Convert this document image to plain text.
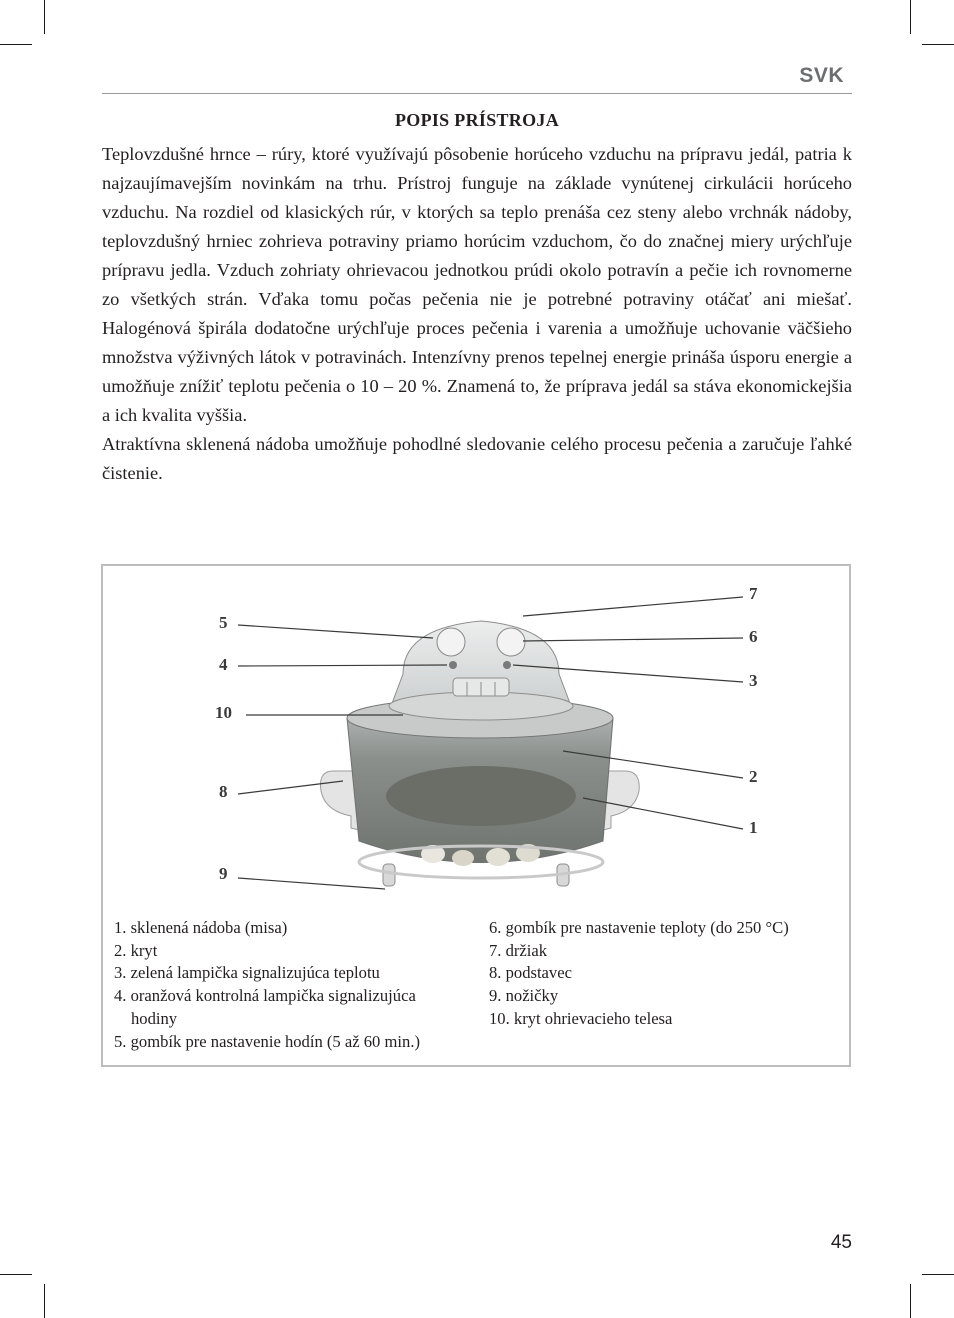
SVK
POPIS PRÍSTROJA

Teplovzdušné hrnce – rúry, ktoré využívajú pôsobenie horúceho vzduchu na prípravu jedál, patria k najzaujímavejším novinkám na trhu. Prístroj funguje na základe vynútenej cirkulácii horúceho vzduchu. Na rozdiel od klasických rúr, v ktorých sa teplo prenáša cez steny alebo vrchnák nádoby, teplovzdušný hrniec zohrieva potraviny priamo horúcim vzduchom, čo do značnej miery urýchľuje prípravu jedla. Vzduch zohriaty ohrievacou jednotkou prúdi okolo potravín a pečie ich rovnomerne zo všetkých strán. Vďaka tomu počas pečenia nie je potrebné potraviny otáčať ani miešať. Halogénová špirála dodatočne urýchľuje proces pečenia i varenia a umožňuje uchovanie väčšieho množstva výživných látok v potravinách. Intenzívny prenos tepelnej energie prináša úsporu energie a umožňuje znížiť teplotu pečenia o 10 – 20 %. Znamená to, že príprava jedál sa stáva ekonomickejšia a ich kvalita vyššia.

Atraktívna sklenená nádoba umožňuje pohodlné sledovanie celého procesu pečenia a zaručuje ľahké čistenie.

7
5
6
4
3
10
2
8
1
9
1. sklenená nádoba (misa)
2. kryt
3. zelená lampička signalizujúca teplotu
4. oranžová kontrolná lampička signalizujúca
hodiny
5. gombík pre nastavenie hodín (5 až 60 min.)
6. gombík pre nastavenie teploty (do 250 °C)
7. držiak
8. podstavec
9. nožičky
10. kryt ohrievacieho telesa
45
